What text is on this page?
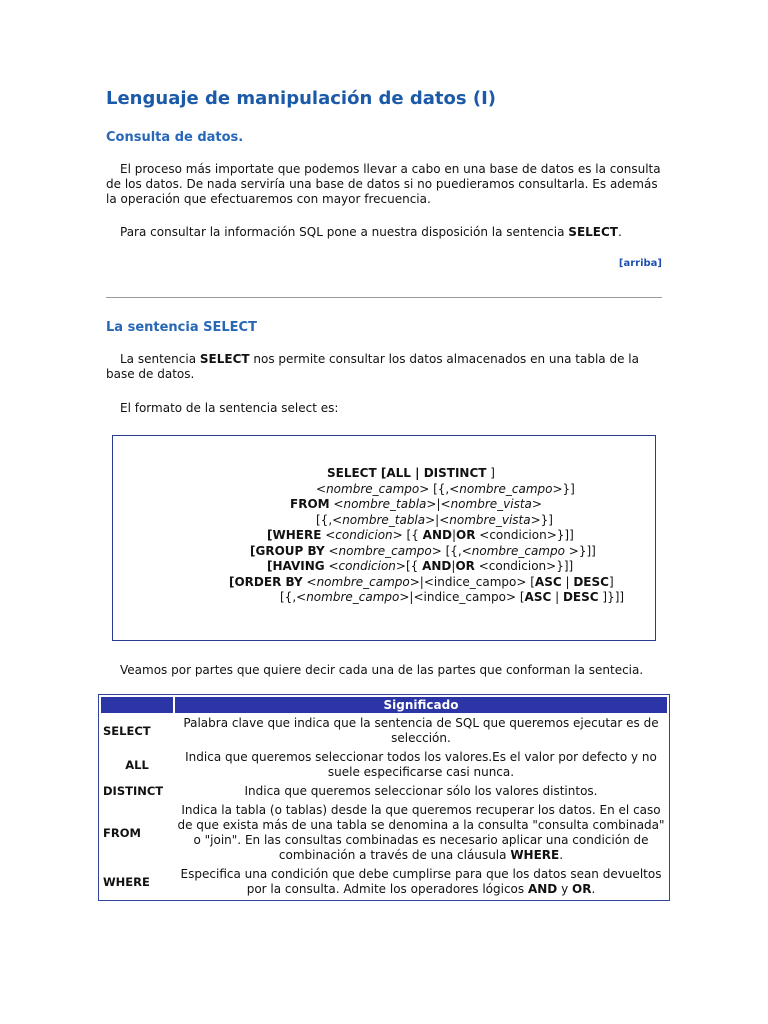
Lenguaje de manipulación de datos (I)
Consulta de datos.

El proceso más importate que podemos llevar a cabo en una base de datos es la consulta de los datos. De nada serviría una base de datos si no puedieramos consultarla. Es además la operación que efectuaremos con mayor frecuencia.

Para consultar la información SQL pone a nuestra disposición la sentencia SELECT.

[arriba]
La sentencia SELECT

La sentencia SELECT nos permite consultar los datos almacenados en una tabla de la base de datos.

El formato de la sentencia select es:

SELECT [ALL | DISTINCT ]
<nombre_campo> [{,<nombre_campo>}]
FROM <nombre_tabla>|<nombre_vista>
[{,<nombre_tabla>|<nombre_vista>}]
[WHERE <condicion> [{ AND|OR <condicion>}]]
[GROUP BY <nombre_campo> [{,<nombre_campo >}]]
[HAVING <condicion>[{ AND|OR <condicion>}]]
[ORDER BY <nombre_campo>|<indice_campo> [ASC | DESC]
[{,<nombre_campo>|<indice_campo> [ASC | DESC ]}]]

Veamos por partes que quiere decir cada una de las partes que conforman la sentecia.

	Significado
SELECT	Palabra clave que indica que la sentencia de SQL que queremos ejecutar es de selección.
ALL	Indica que queremos seleccionar todos los valores.Es el valor por defecto y no suele especificarse casi nunca.
DISTINCT	Indica que queremos seleccionar sólo los valores distintos.
FROM	Indica la tabla (o tablas) desde la que queremos recuperar los datos. En el caso de que exista más de una tabla se denomina a la consulta "consulta combinada" o "join". En las consultas combinadas es necesario aplicar una condición de combinación a través de una cláusula WHERE.
WHERE	Especifica una condición que debe cumplirse para que los datos sean devueltos por la consulta. Admite los operadores lógicos AND y OR.
